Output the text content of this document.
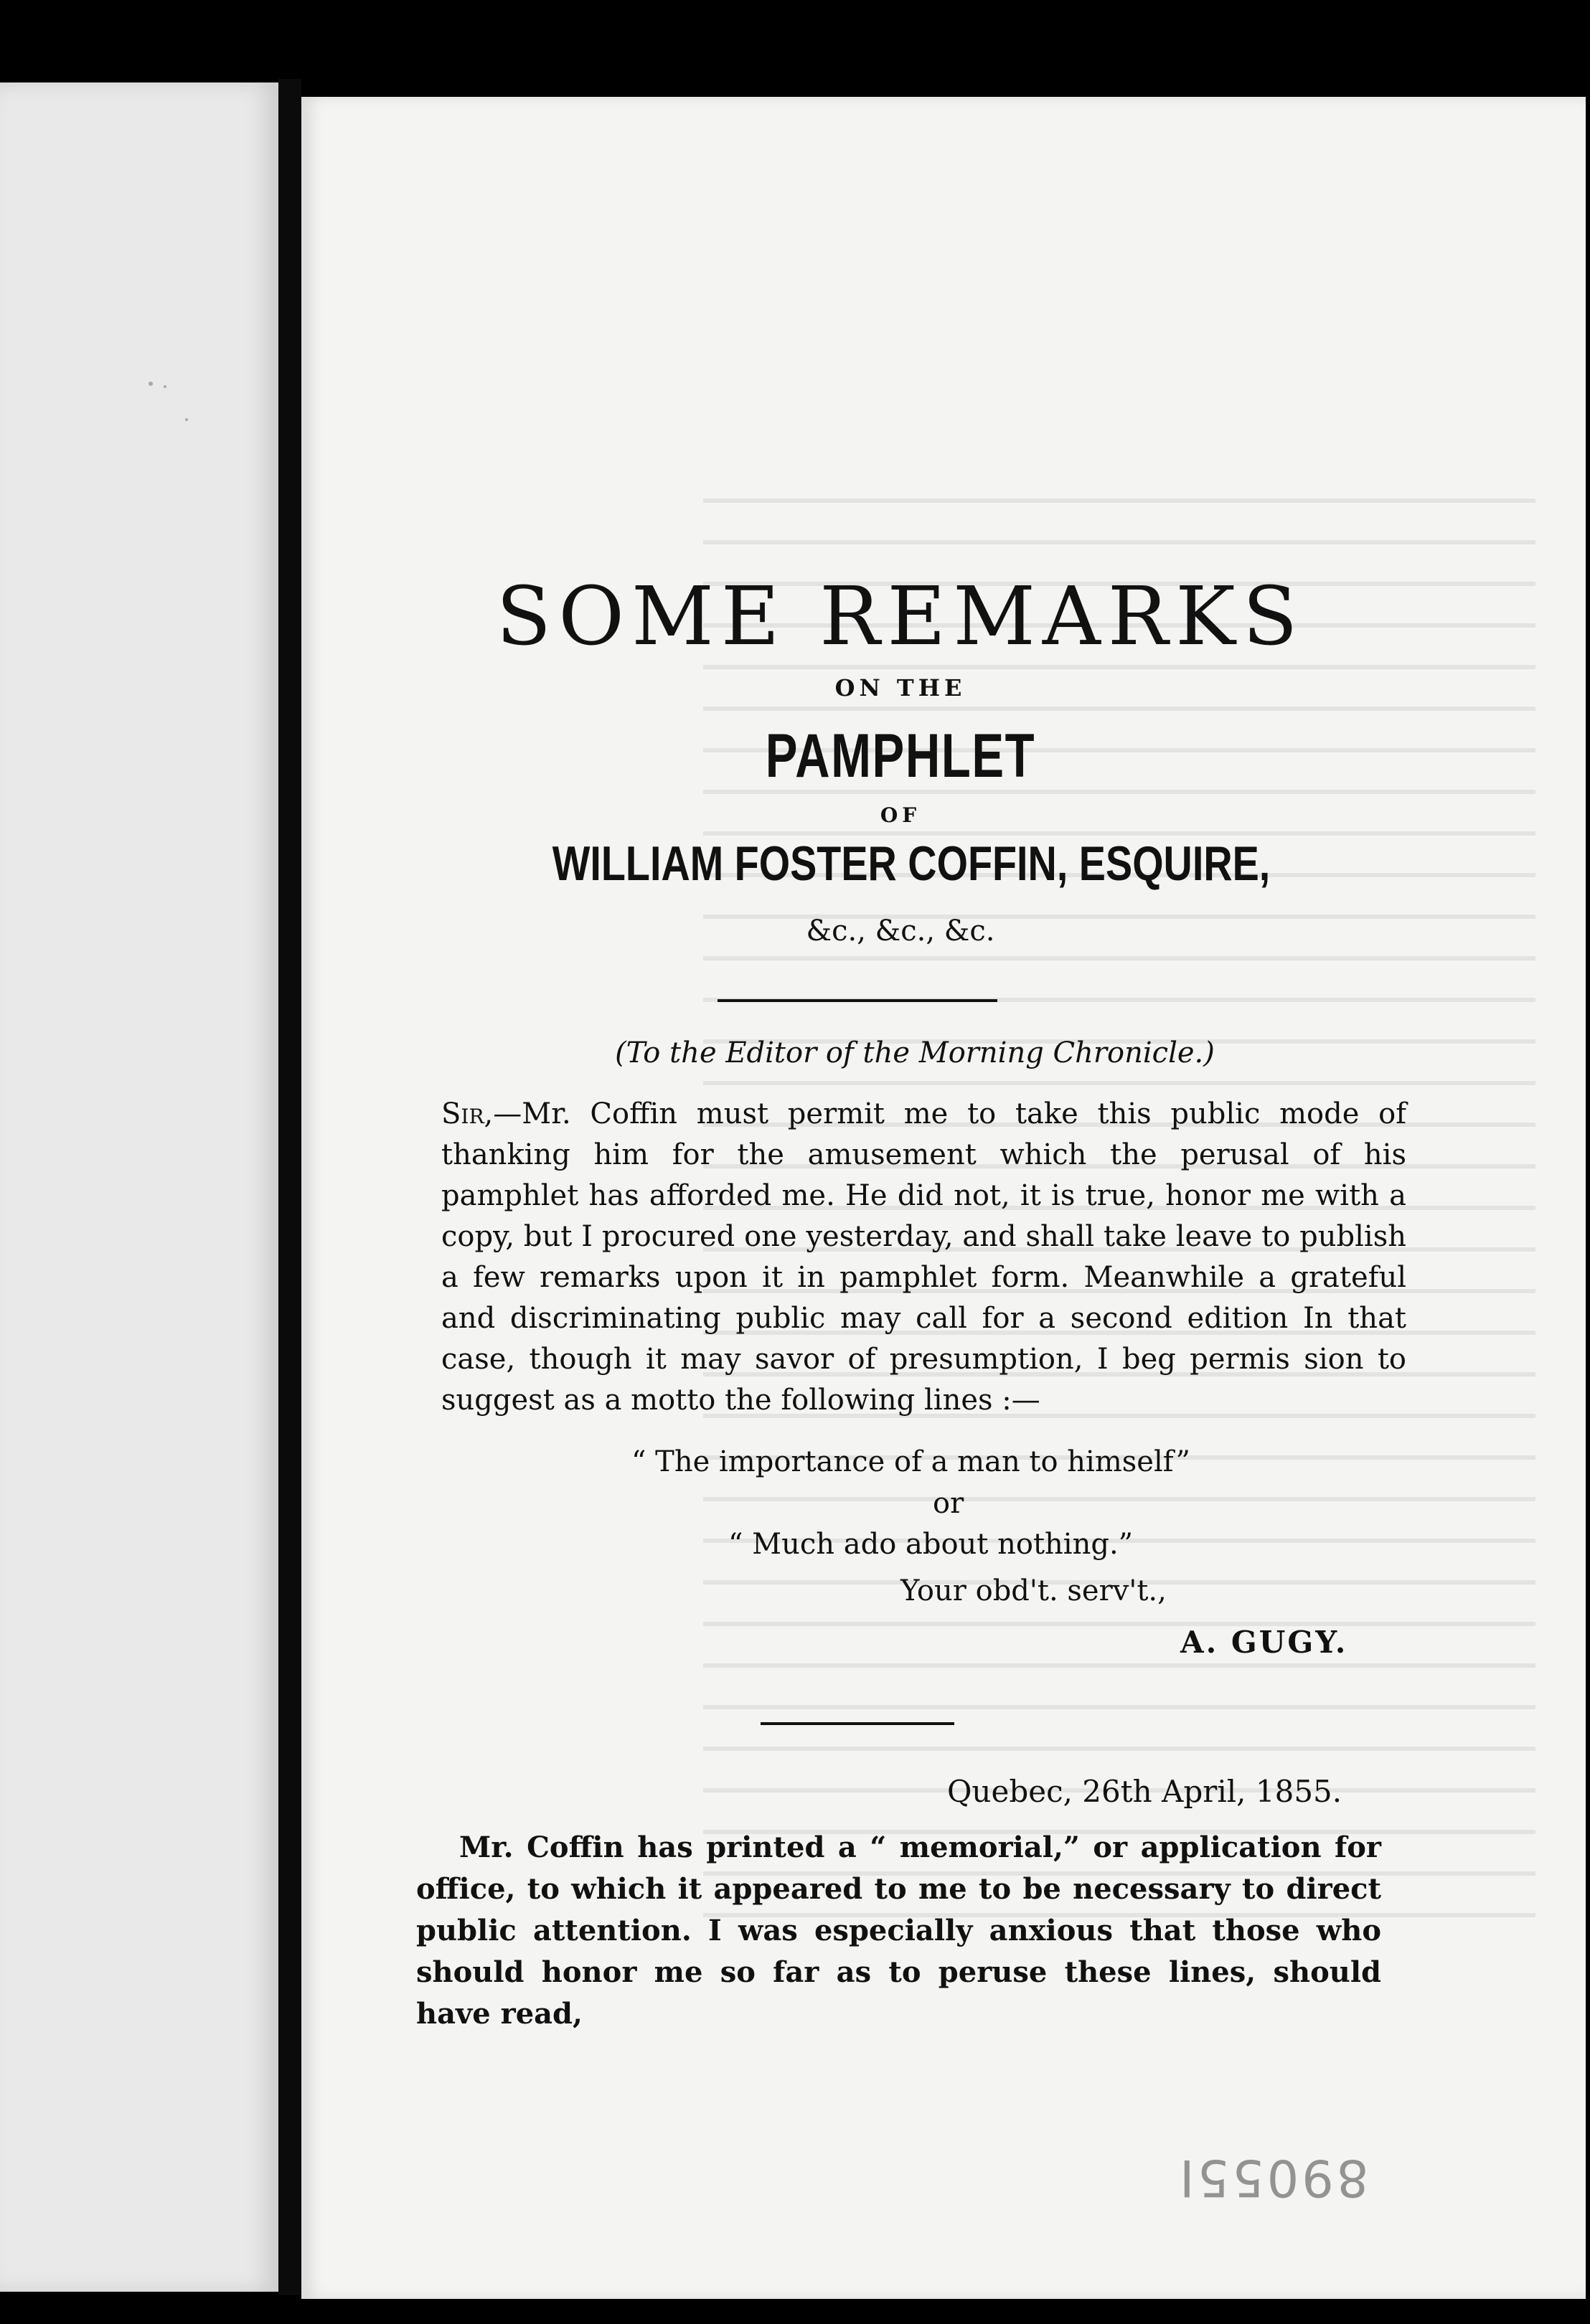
SOME REMARKS
ON THE
PAMPHLET
OF
WILLIAM FOSTER COFFIN, ESQUIRE,
&c., &c., &c.
(To the Editor of the Morning Chronicle.)
Sir,—Mr. Coffin must permit me to take this public mode of thanking him for the amusement which the perusal of his pamphlet has afforded me. He did not, it is true, honor me with a copy, but I procured one yesterday, and shall take leave to publish a few remarks upon it in pamphlet form. Meanwhile a grateful and discriminating public may call for a second edition In that case, though it may savor of presumption, I beg permis sion to suggest as a motto the following lines :—
“ The importance of a man to himself”
or
“ Much ado about nothing.”
Your obd't. serv't.,
A. GUGY.
Quebec, 26th April, 1855.
Mr. Coffin has printed a “ memorial,” or application for office, to which it appeared to me to be necessary to direct public attention. I was especially anxious that those who should honor me so far as to peruse these lines, should have read,
89055I
